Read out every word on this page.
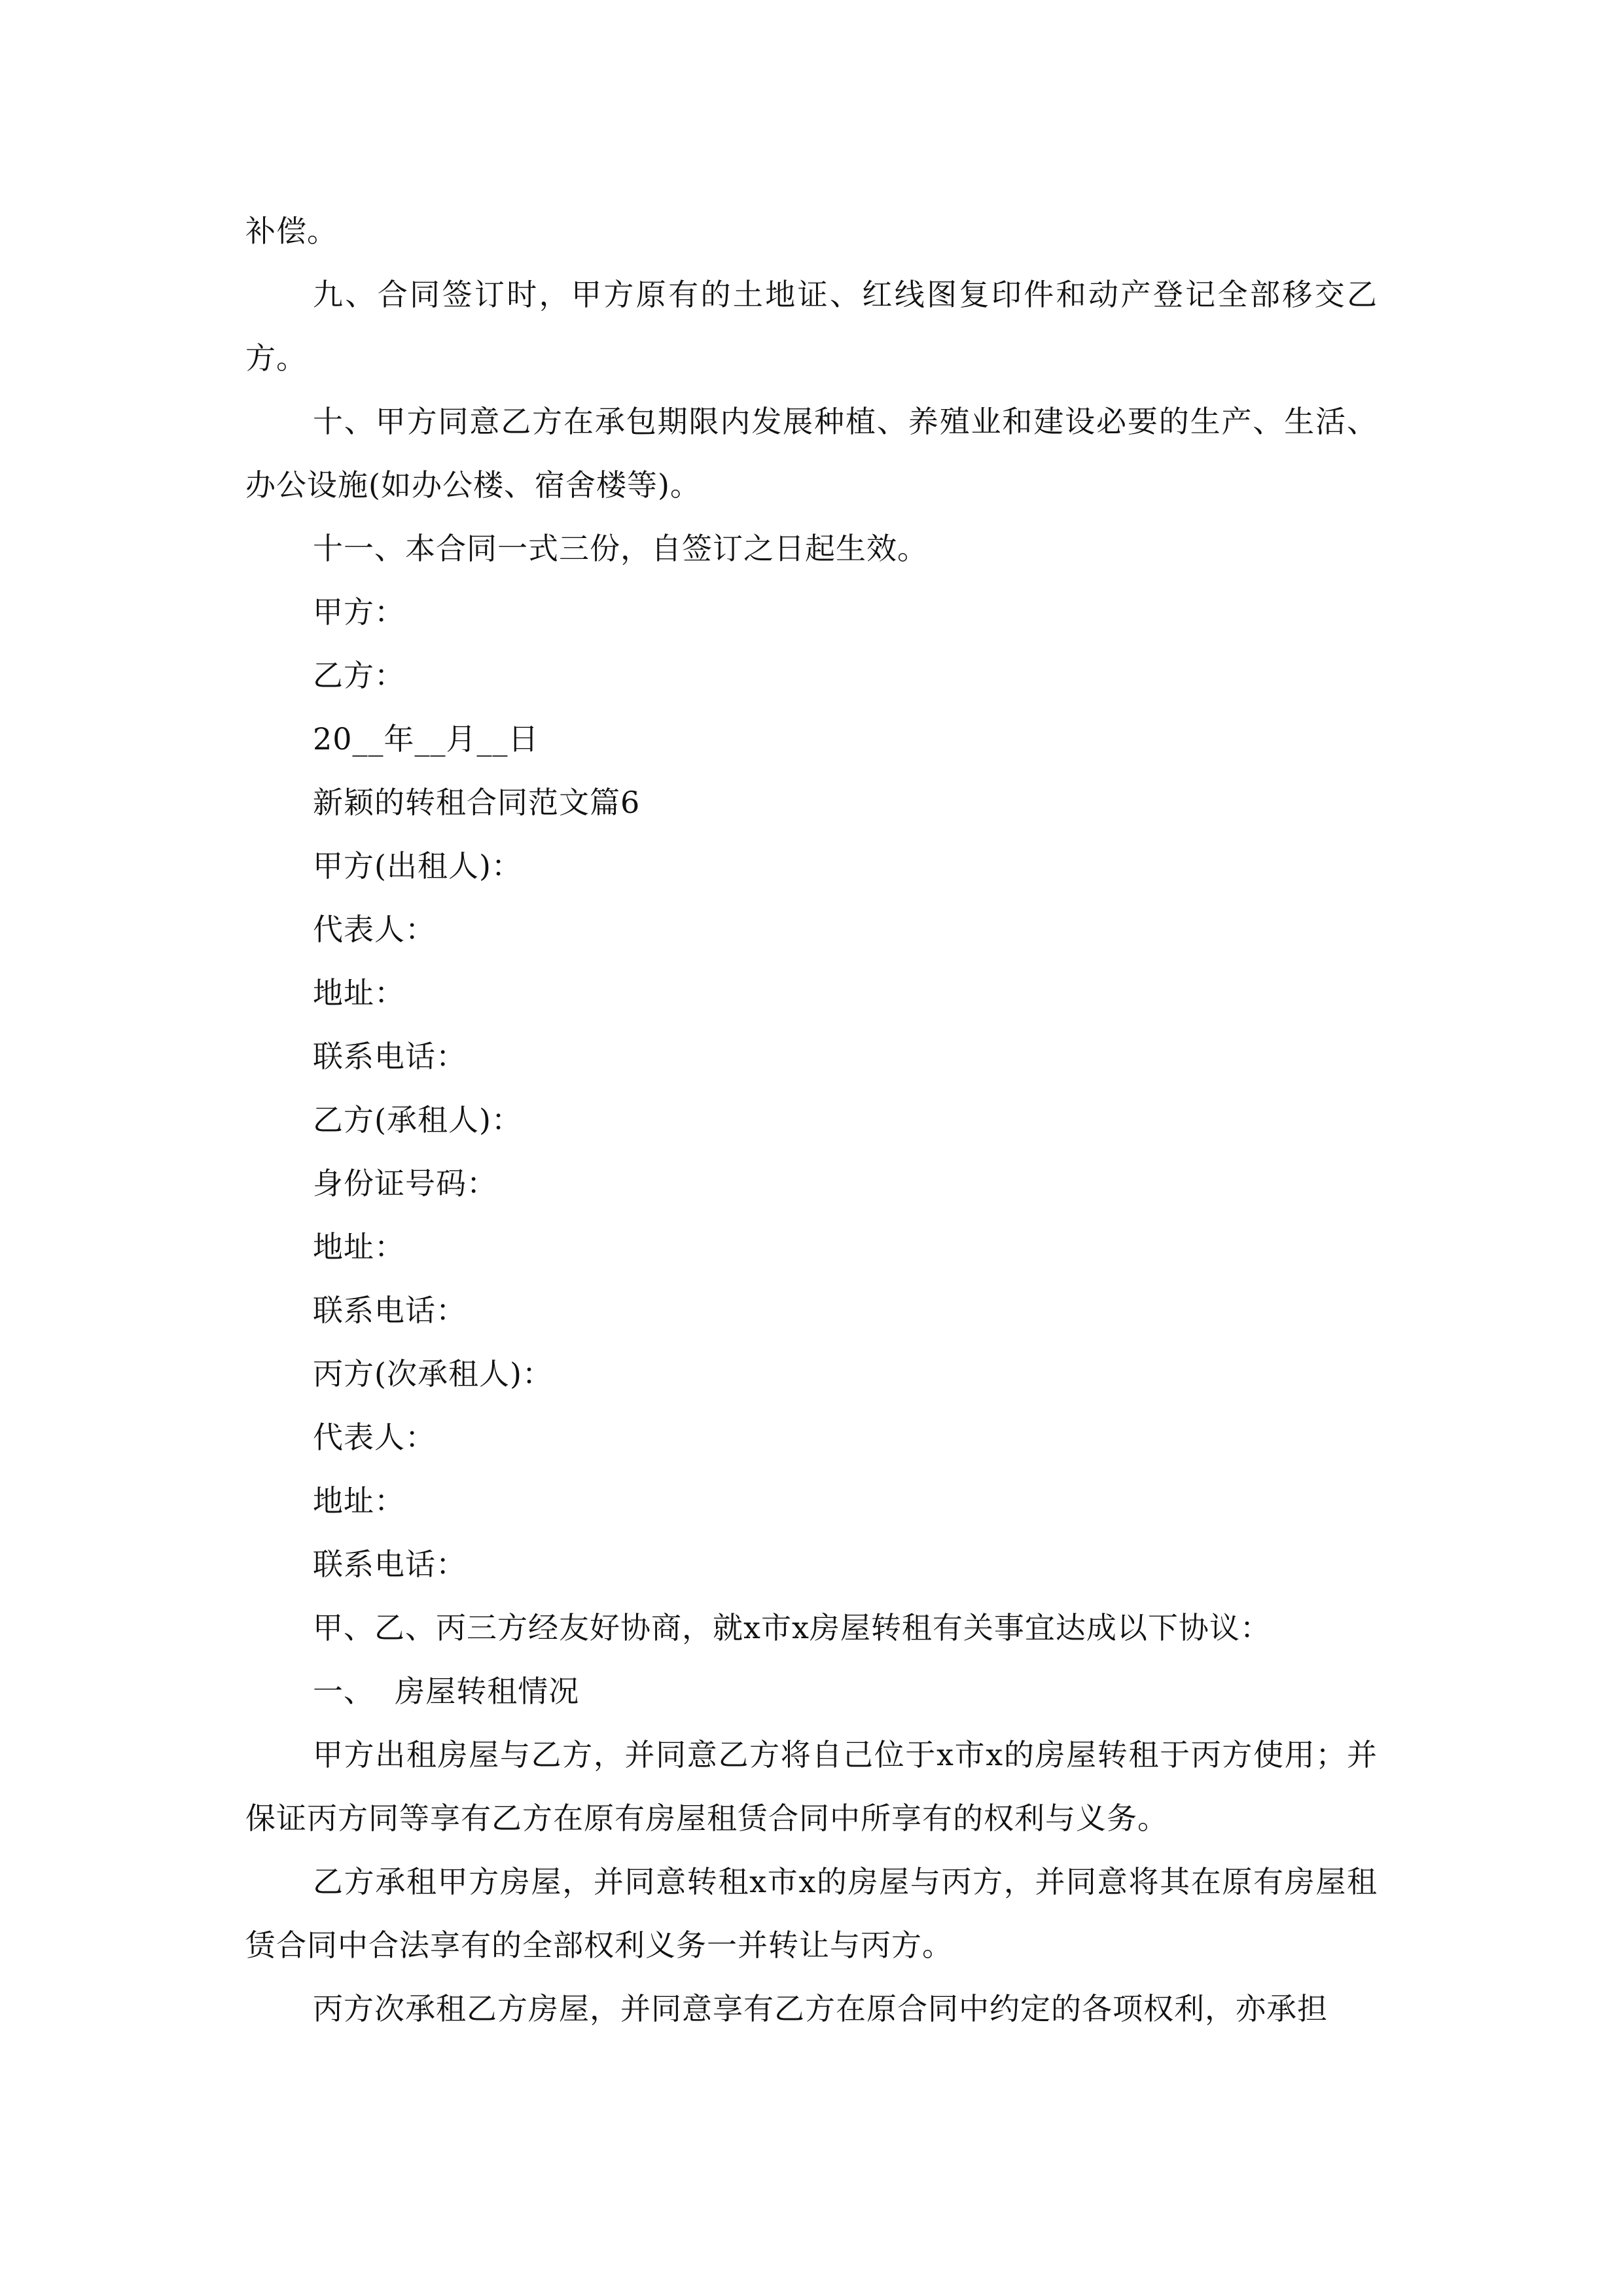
补偿。

九、合同签订时，甲方原有的土地证、红线图复印件和动产登记全部移交乙方。

十、甲方同意乙方在承包期限内发展种植、养殖业和建设必要的生产、生活、办公设施(如办公楼、宿舍楼等)。

十一、本合同一式三份，自签订之日起生效。

甲方：

乙方：

20__年__月__日

新颖的转租合同范文篇6

甲方(出租人)：

代表人：

地址：

联系电话：

乙方(承租人)：

身份证号码：

地址：

联系电话：

丙方(次承租人)：

代表人：

地址：

联系电话：

甲、乙、丙三方经友好协商，就x市x房屋转租有关事宜达成以下协议：

一、  房屋转租情况

甲方出租房屋与乙方，并同意乙方将自己位于x市x的房屋转租于丙方使用；并保证丙方同等享有乙方在原有房屋租赁合同中所享有的权利与义务。

乙方承租甲方房屋，并同意转租x市x的房屋与丙方，并同意将其在原有房屋租赁合同中合法享有的全部权利义务一并转让与丙方。

丙方次承租乙方房屋，并同意享有乙方在原合同中约定的各项权利，亦承担
